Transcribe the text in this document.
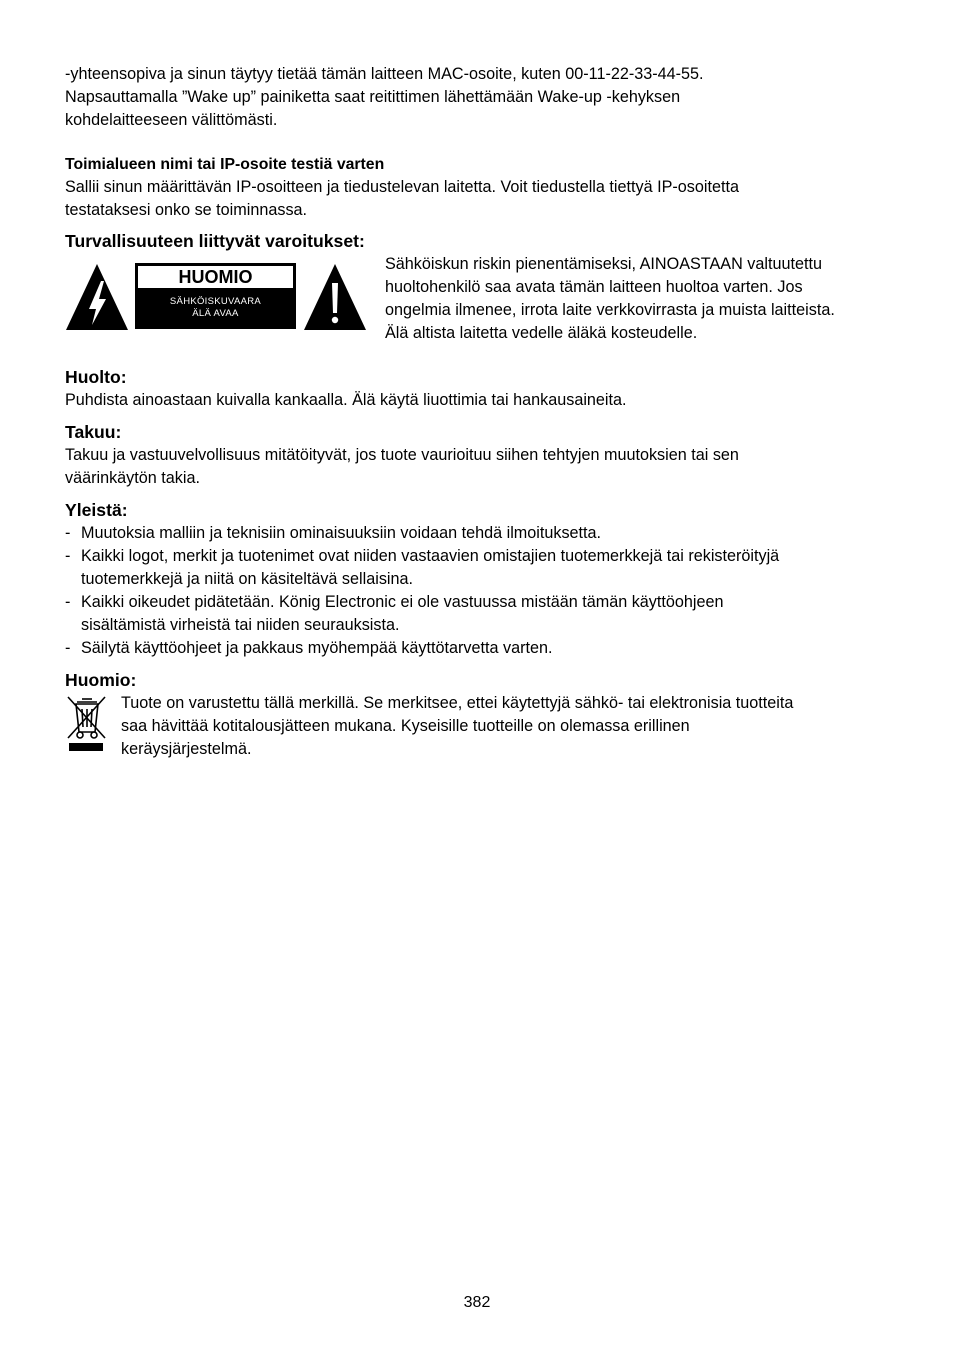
-yhteensopiva ja sinun täytyy tietää tämän laitteen MAC-osoite, kuten 00-11-22-33-44-55.

Napsauttamalla ”Wake up” painiketta saat reitittimen lähettämään Wake-up -kehyksen

kohdelaitteeseen välittömästi.

Toimialueen nimi tai IP-osoite testiä varten

Sallii sinun määrittävän IP-osoitteen ja tiedustelevan laitetta. Voit tiedustella tiettyä IP-osoitetta

testataksesi onko se toiminnassa.

Turvallisuuteen liittyvät varoitukset:

HUOMIO
SÄHKÖISKUVAARA
ÄLÄ AVAA

Sähköiskun riskin pienentämiseksi, AINOASTAAN valtuutettu

huoltohenkilö saa avata tämän laitteen huoltoa varten. Jos

ongelmia ilmenee, irrota laite verkkovirrasta ja muista laitteista.

Älä altista laitetta vedelle äläkä kosteudelle.

Huolto:

Puhdista ainoastaan kuivalla kankaalla. Älä käytä liuottimia tai hankausaineita.

Takuu:

Takuu ja vastuuvelvollisuus mitätöityvät, jos tuote vaurioituu siihen tehtyjen muutoksien tai sen

väärinkäytön takia.

Yleistä:

- Muutoksia malliin ja teknisiin ominaisuuksiin voidaan tehdä ilmoituksetta.
- Kaikki logot, merkit ja tuotenimet ovat niiden vastaavien omistajien tuotemerkkejä tai rekisteröityjä
tuotemerkkejä ja niitä on käsiteltävä sellaisina.
- Kaikki oikeudet pidätetään. König Electronic ei ole vastuussa mistään tämän käyttöohjeen
sisältämistä virheistä tai niiden seurauksista.
- Säilytä käyttöohjeet ja pakkaus myöhempää käyttötarvetta varten.

Huomio:

Tuote on varustettu tällä merkillä. Se merkitsee, ettei käytettyjä sähkö- tai elektronisia tuotteita

saa hävittää kotitalousjätteen mukana. Kyseisille tuotteille on olemassa erillinen

keräysjärjestelmä.

382
